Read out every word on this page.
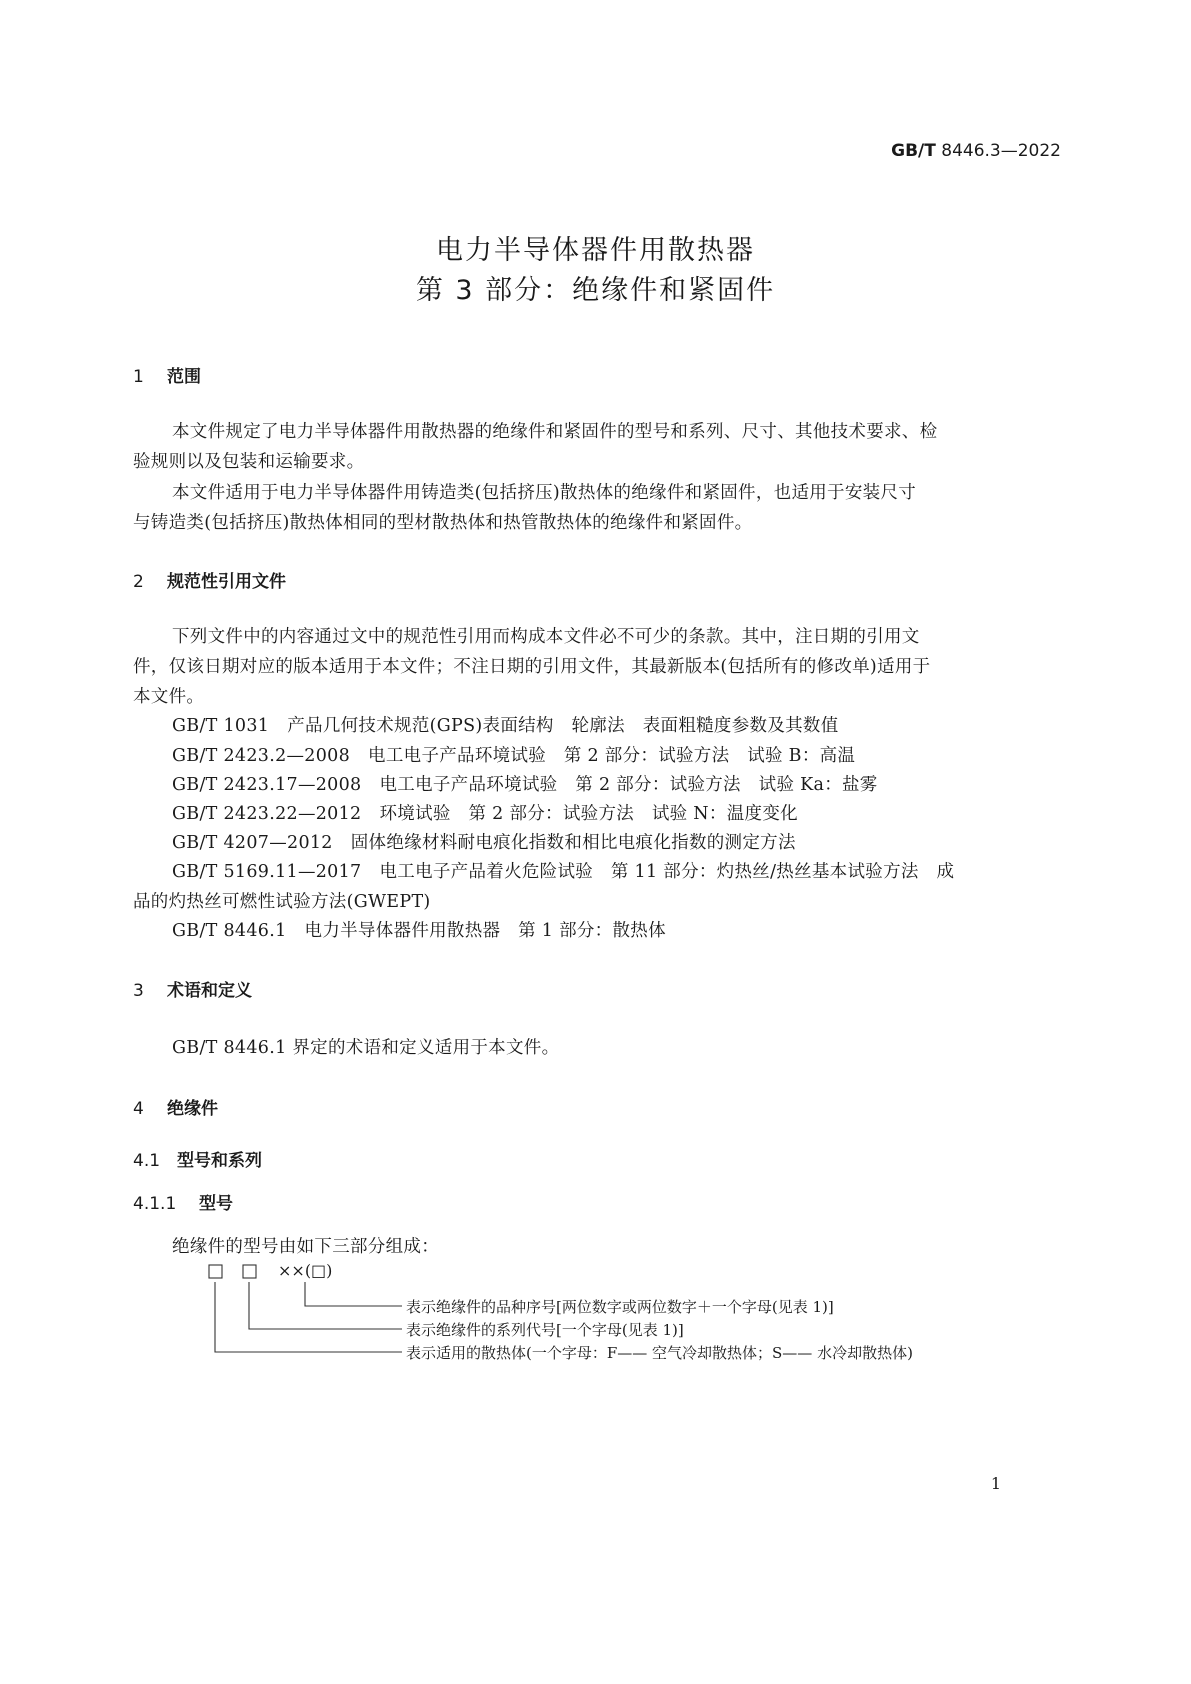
GB/T 8446.3—2022
电力半导体器件用散热器
第 3 部分：绝缘件和紧固件
1 范围
本文件规定了电力半导体器件用散热器的绝缘件和紧固件的型号和系列、尺寸、其他技术要求、检
验规则以及包装和运输要求。
本文件适用于电力半导体器件用铸造类(包括挤压)散热体的绝缘件和紧固件，也适用于安装尺寸
与铸造类(包括挤压)散热体相同的型材散热体和热管散热体的绝缘件和紧固件。
2 规范性引用文件
下列文件中的内容通过文中的规范性引用而构成本文件必不可少的条款。其中，注日期的引用文
件，仅该日期对应的版本适用于本文件；不注日期的引用文件，其最新版本(包括所有的修改单)适用于
本文件。
GB/T 1031 产品几何技术规范(GPS)表面结构　轮廓法　表面粗糙度参数及其数值
GB/T 2423.2—2008 电工电子产品环境试验　第 2 部分：试验方法　试验 B：高温
GB/T 2423.17—2008 电工电子产品环境试验　第 2 部分：试验方法　试验 Ka：盐雾
GB/T 2423.22—2012 环境试验　第 2 部分：试验方法　试验 N：温度变化
GB/T 4207—2012 固体绝缘材料耐电痕化指数和相比电痕化指数的测定方法
GB/T 5169.11—2017 电工电子产品着火危险试验　第 11 部分：灼热丝/热丝基本试验方法　成
品的灼热丝可燃性试验方法(GWEPT)
GB/T 8446.1 电力半导体器件用散热器　第 1 部分：散热体
3 术语和定义
GB/T 8446.1 界定的术语和定义适用于本文件。
4 绝缘件
4.1 型号和系列
4.1.1 型号
绝缘件的型号由如下三部分组成：
××(□)
表示绝缘件的品种序号[两位数字或两位数字＋一个字母(见表 1)]
表示绝缘件的系列代号[一个字母(见表 1)]
表示适用的散热体(一个字母：F—— 空气冷却散热体；S—— 水冷却散热体)
1
